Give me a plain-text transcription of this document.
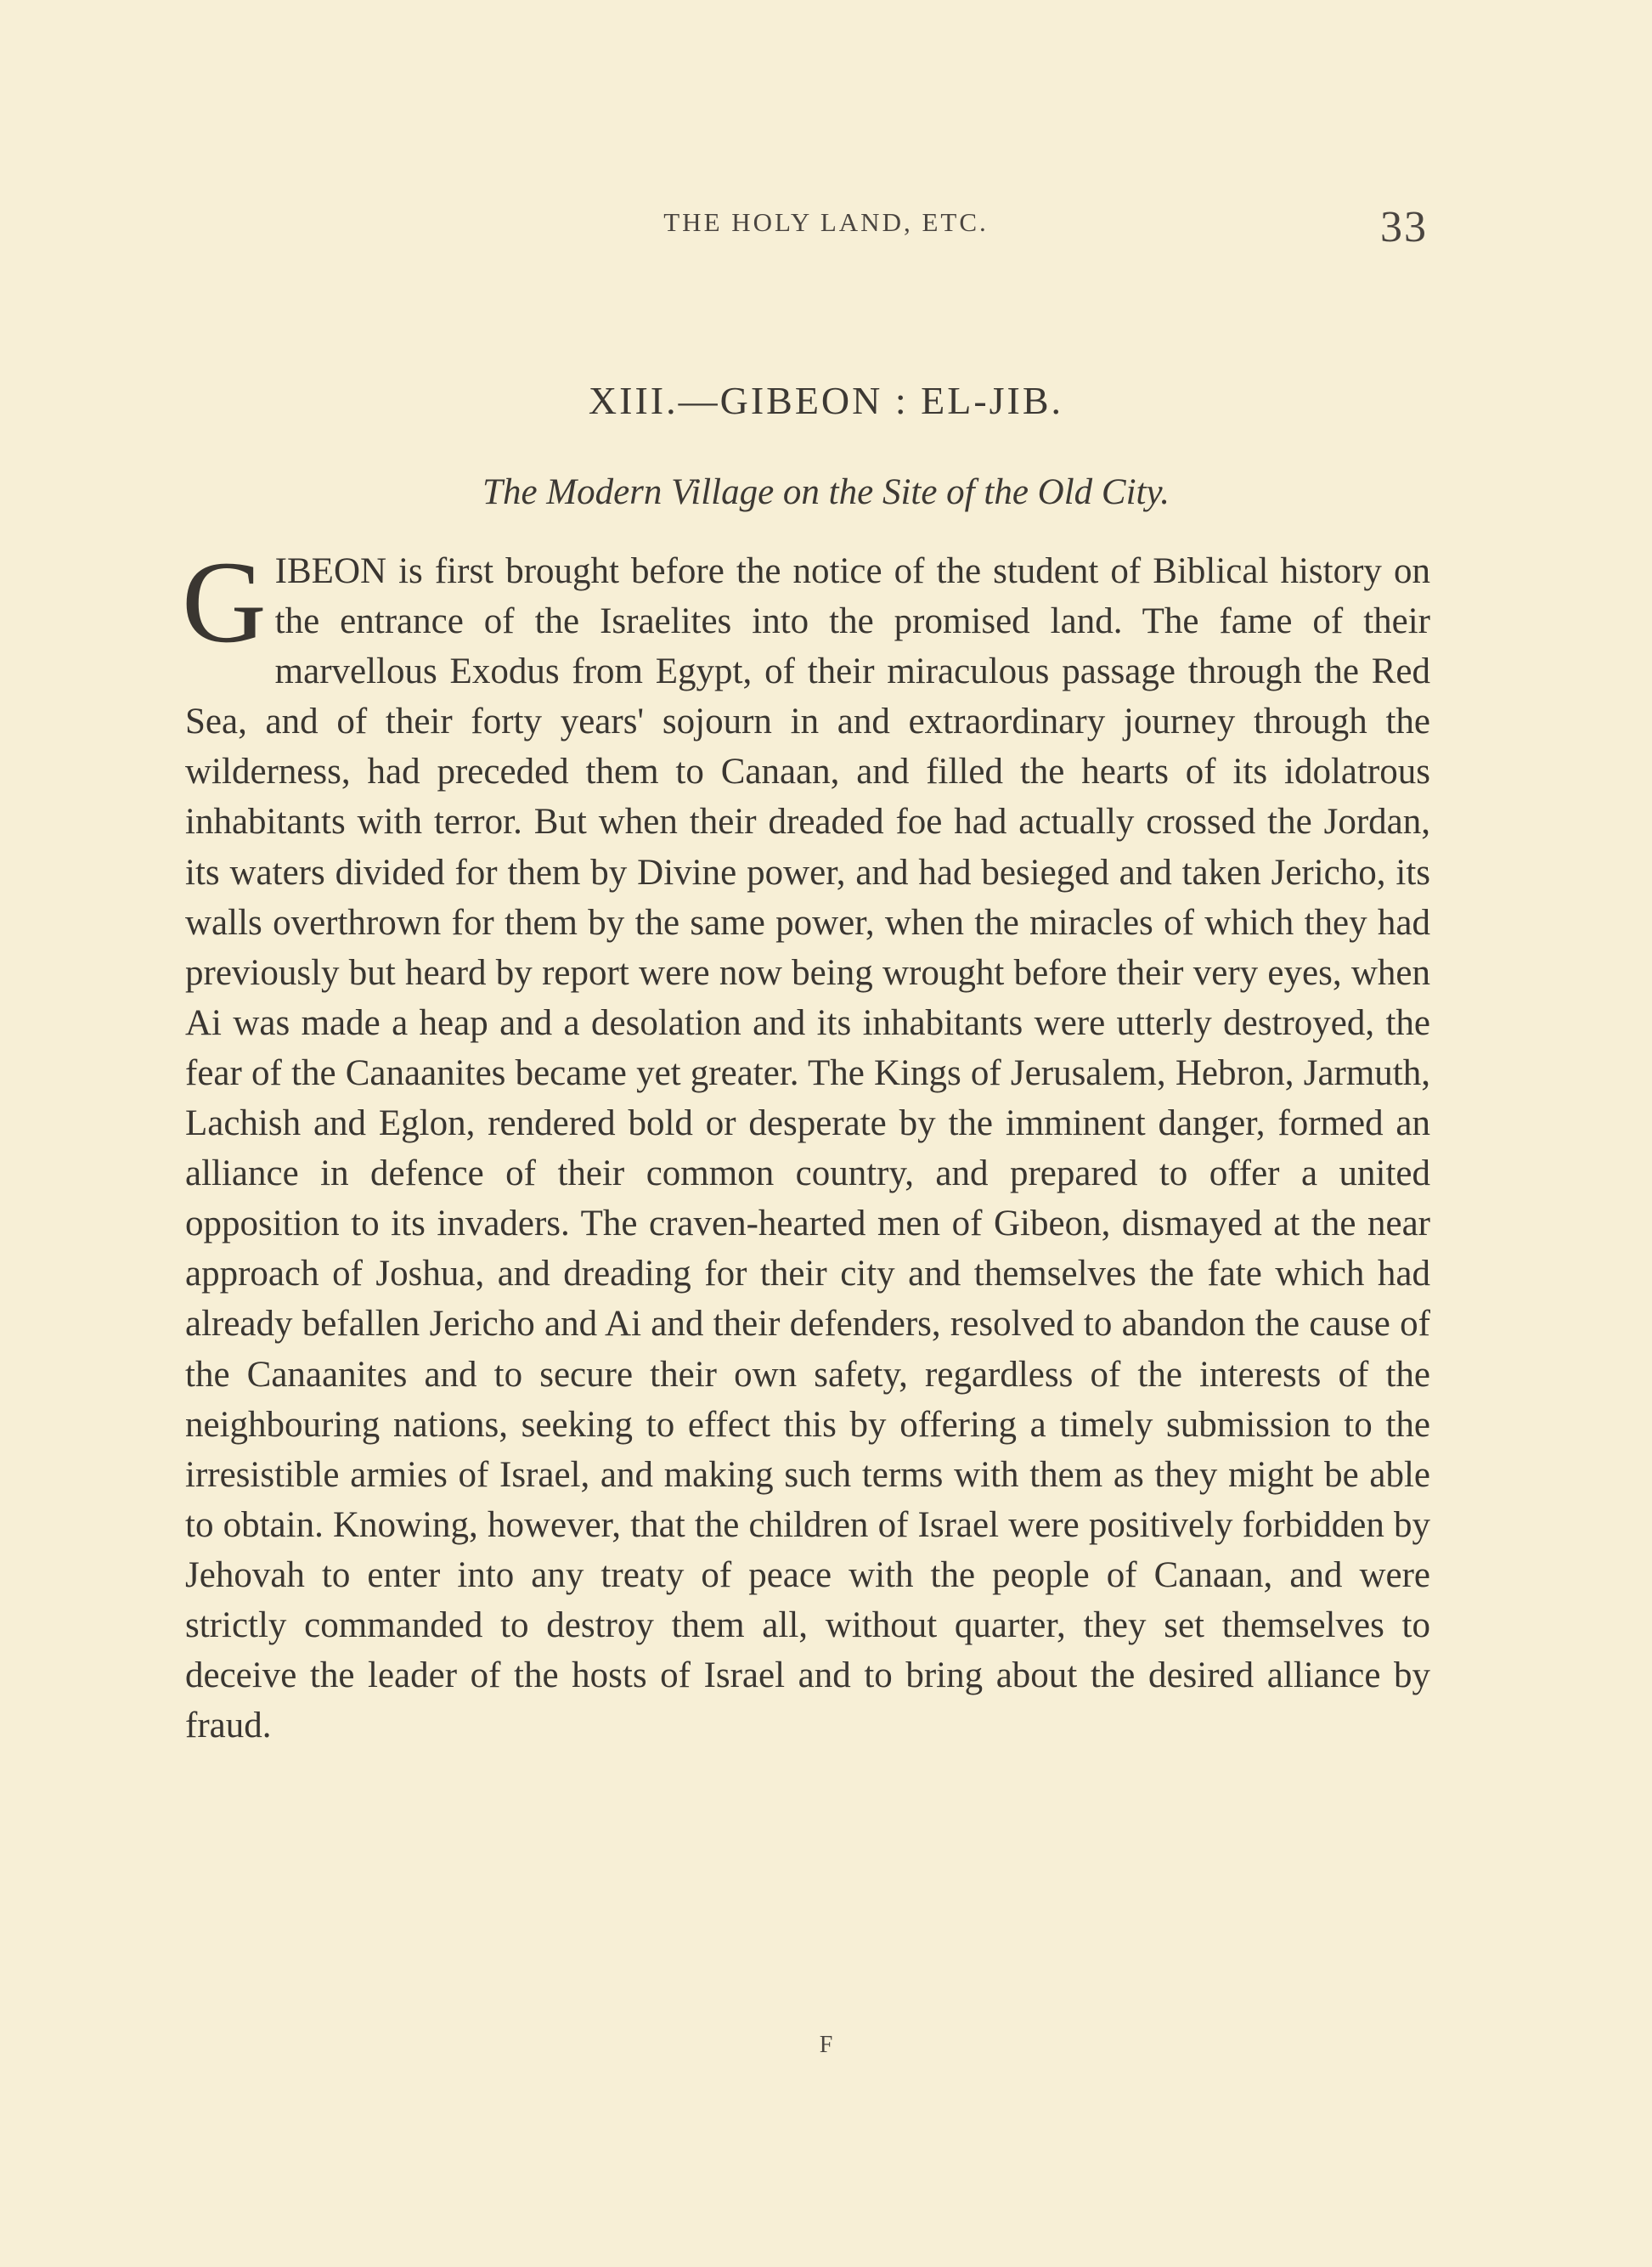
THE HOLY LAND, ETC.	33
XIII.—GIBEON : EL-JIB.
The Modern Village on the Site of the Old City.
G IBEON is first brought before the notice of the student of Biblical history on the entrance of the Israelites into the promised land. The fame of their marvellous Exodus from Egypt, of their miraculous passage through the Red Sea, and of their forty years' sojourn in and extraordinary journey through the wilderness, had preceded them to Canaan, and filled the hearts of its idolatrous inhabitants with terror. But when their dreaded foe had actually crossed the Jordan, its waters divided for them by Divine power, and had besieged and taken Jericho, its walls overthrown for them by the same power, when the miracles of which they had previously but heard by report were now being wrought before their very eyes, when Ai was made a heap and a desolation and its inhabitants were utterly destroyed, the fear of the Canaanites became yet greater. The Kings of Jerusalem, Hebron, Jarmuth, Lachish and Eglon, rendered bold or desperate by the imminent danger, formed an alliance in defence of their common country, and prepared to offer a united opposition to its invaders. The craven-hearted men of Gibeon, dismayed at the near approach of Joshua, and dreading for their city and themselves the fate which had already befallen Jericho and Ai and their defenders, resolved to abandon the cause of the Canaanites and to secure their own safety, regardless of the interests of the neighbouring nations, seeking to effect this by offering a timely submission to the irresistible armies of Israel, and making such terms with them as they might be able to obtain. Knowing, however, that the children of Israel were positively forbidden by Jehovah to enter into any treaty of peace with the people of Canaan, and were strictly commanded to destroy them all, without quarter, they set themselves to deceive the leader of the hosts of Israel and to bring about the desired alliance by fraud.
F
